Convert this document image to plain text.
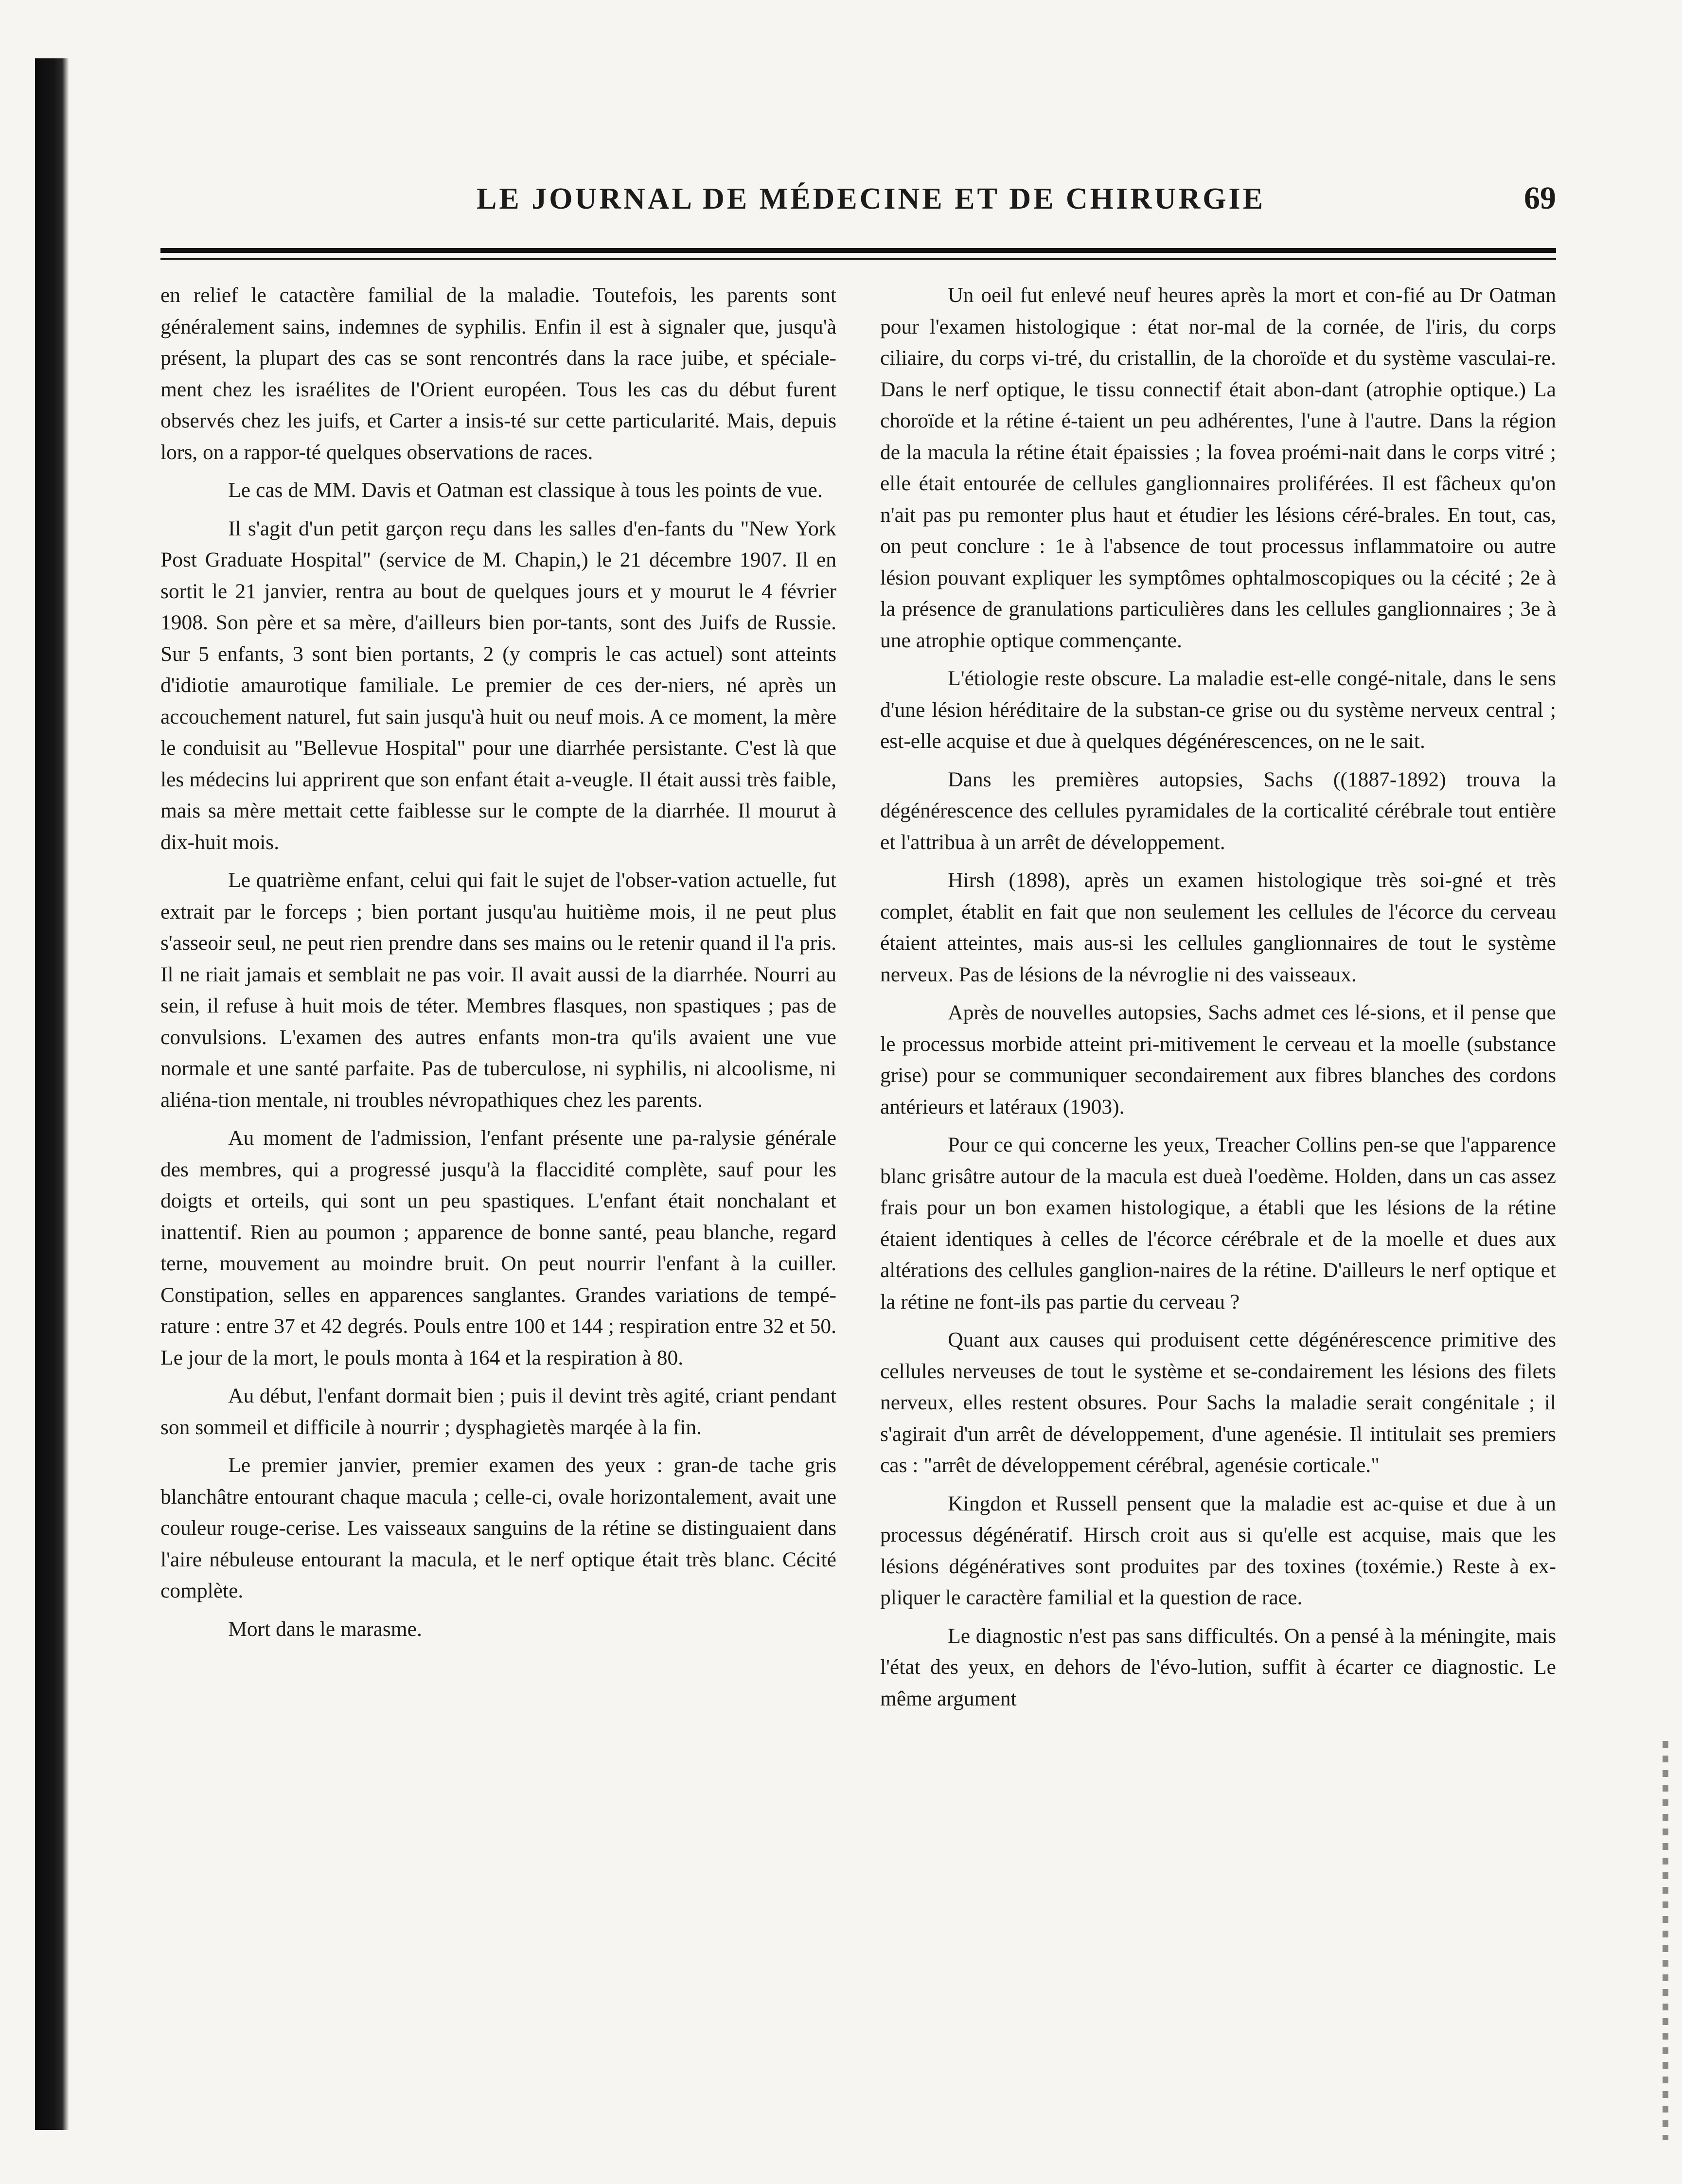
LE JOURNAL DE MÉDECINE ET DE CHIRURGIE	69

en relief le catactère familial de la maladie. Toutefois, les parents sont généralement sains, indemnes de syphilis. Enfin il est à signaler que, jusqu'à présent, la plupart des cas se sont rencontrés dans la race juibe, et spéciale-ment chez les israélites de l'Orient européen. Tous les cas du début furent observés chez les juifs, et Carter a insis-té sur cette particularité. Mais, depuis lors, on a rappor-té quelques observations de races.

Le cas de MM. Davis et Oatman est classique à tous les points de vue.

Il s'agit d'un petit garçon reçu dans les salles d'en-fants du "New York Post Graduate Hospital" (service de M. Chapin,) le 21 décembre 1907. Il en sortit le 21 janvier, rentra au bout de quelques jours et y mourut le 4 février 1908. Son père et sa mère, d'ailleurs bien por-tants, sont des Juifs de Russie. Sur 5 enfants, 3 sont bien portants, 2 (y compris le cas actuel) sont atteints d'idiotie amaurotique familiale. Le premier de ces der-niers, né après un accouchement naturel, fut sain jusqu'à huit ou neuf mois. A ce moment, la mère le conduisit au "Bellevue Hospital" pour une diarrhée persistante. C'est là que les médecins lui apprirent que son enfant était a-veugle. Il était aussi très faible, mais sa mère mettait cette faiblesse sur le compte de la diarrhée. Il mourut à dix-huit mois.

Le quatrième enfant, celui qui fait le sujet de l'obser-vation actuelle, fut extrait par le forceps ; bien portant jusqu'au huitième mois, il ne peut plus s'asseoir seul, ne peut rien prendre dans ses mains ou le retenir quand il l'a pris. Il ne riait jamais et semblait ne pas voir. Il avait aussi de la diarrhée. Nourri au sein, il refuse à huit mois de téter. Membres flasques, non spastiques ; pas de convulsions. L'examen des autres enfants mon-tra qu'ils avaient une vue normale et une santé parfaite. Pas de tuberculose, ni syphilis, ni alcoolisme, ni aliéna-tion mentale, ni troubles névropathiques chez les parents.

Au moment de l'admission, l'enfant présente une pa-ralysie générale des membres, qui a progressé jusqu'à la flaccidité complète, sauf pour les doigts et orteils, qui sont un peu spastiques. L'enfant était nonchalant et inattentif. Rien au poumon ; apparence de bonne santé, peau blanche, regard terne, mouvement au moindre bruit. On peut nourrir l'enfant à la cuiller. Constipation, selles en apparences sanglantes. Grandes variations de tempé-rature : entre 37 et 42 degrés. Pouls entre 100 et 144 ; respiration entre 32 et 50. Le jour de la mort, le pouls monta à 164 et la respiration à 80.

Au début, l'enfant dormait bien ; puis il devint très agité, criant pendant son sommeil et difficile à nourrir ; dysphagietès marqée à la fin.

Le premier janvier, premier examen des yeux : gran-de tache gris blanchâtre entourant chaque macula ; celle-ci, ovale horizontalement, avait une couleur rouge-cerise. Les vaisseaux sanguins de la rétine se distinguaient dans l'aire nébuleuse entourant la macula, et le nerf optique était très blanc. Cécité complète.

Mort dans le marasme.

Un oeil fut enlevé neuf heures après la mort et con-fié au Dr Oatman pour l'examen histologique : état nor-mal de la cornée, de l'iris, du corps ciliaire, du corps vi-tré, du cristallin, de la choroïde et du système vasculai-re. Dans le nerf optique, le tissu connectif était abon-dant (atrophie optique.) La choroïde et la rétine é-taient un peu adhérentes, l'une à l'autre. Dans la région de la macula la rétine était épaissies ; la fovea proémi-nait dans le corps vitré ; elle était entourée de cellules ganglionnaires proliférées. Il est fâcheux qu'on n'ait pas pu remonter plus haut et étudier les lésions céré-brales. En tout, cas, on peut conclure : 1e à l'absence de tout processus inflammatoire ou autre lésion pouvant expliquer les symptômes ophtalmoscopiques ou la cécité ; 2e à la présence de granulations particulières dans les cellules ganglionnaires ; 3e à une atrophie optique commençante.

L'étiologie reste obscure. La maladie est-elle congé-nitale, dans le sens d'une lésion héréditaire de la substan-ce grise ou du système nerveux central ; est-elle acquise et due à quelques dégénérescences, on ne le sait.

Dans les premières autopsies, Sachs ((1887-1892) trouva la dégénérescence des cellules pyramidales de la corticalité cérébrale tout entière et l'attribua à un arrêt de développement.

Hirsh (1898), après un examen histologique très soi-gné et très complet, établit en fait que non seulement les cellules de l'écorce du cerveau étaient atteintes, mais aus-si les cellules ganglionnaires de tout le système nerveux. Pas de lésions de la névroglie ni des vaisseaux.

Après de nouvelles autopsies, Sachs admet ces lé-sions, et il pense que le processus morbide atteint pri-mitivement le cerveau et la moelle (substance grise) pour se communiquer secondairement aux fibres blanches des cordons antérieurs et latéraux (1903).

Pour ce qui concerne les yeux, Treacher Collins pen-se que l'apparence blanc grisâtre autour de la macula est dueà l'oedème. Holden, dans un cas assez frais pour un bon examen histologique, a établi que les lésions de la rétine étaient identiques à celles de l'écorce cérébrale et de la moelle et dues aux altérations des cellules ganglion-naires de la rétine. D'ailleurs le nerf optique et la rétine ne font-ils pas partie du cerveau ?

Quant aux causes qui produisent cette dégénérescence primitive des cellules nerveuses de tout le système et se-condairement les lésions des filets nerveux, elles restent obsures. Pour Sachs la maladie serait congénitale ; il s'agirait d'un arrêt de développement, d'une agenésie. Il intitulait ses premiers cas : "arrêt de développement cérébral, agenésie corticale."

Kingdon et Russell pensent que la maladie est ac-quise et due à un processus dégénératif. Hirsch croit aus si qu'elle est acquise, mais que les lésions dégénératives sont produites par des toxines (toxémie.) Reste à ex-pliquer le caractère familial et la question de race.

Le diagnostic n'est pas sans difficultés. On a pensé à la méningite, mais l'état des yeux, en dehors de l'évo-lution, suffit à écarter ce diagnostic. Le même argument
